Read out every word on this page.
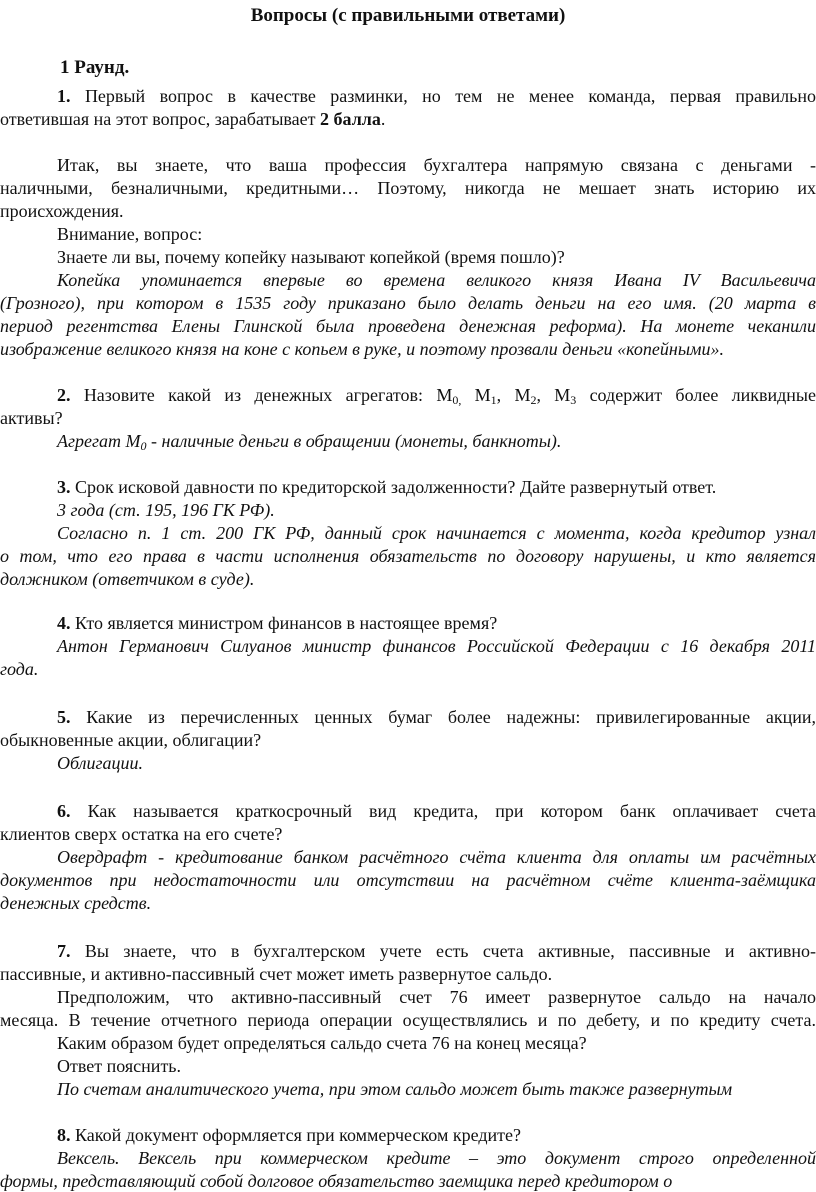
Вопросы (с правильными ответами)
1 Раунд.
1. Первый вопрос в качестве разминки, но тем не менее команда, первая правильно
ответившая на этот вопрос, зарабатывает 2 балла.
Итак, вы знаете, что ваша профессия бухгалтера напрямую связана с деньгами -
наличными, безналичными, кредитными… Поэтому, никогда не мешает знать историю их
происхождения.
Внимание, вопрос:
Знаете ли вы, почему копейку называют копейкой (время пошло)?
Копейка упоминается впервые во времена великого князя Ивана IV Васильевича
(Грозного), при котором в 1535 году приказано было делать деньги на его имя. (20 марта в
период регентства Елены Глинской была проведена денежная реформа). На монете чеканили
изображение великого князя на коне с копьем в руке, и поэтому прозвали деньги «копейными».
2. Назовите какой из денежных агрегатов: $М_{0,}$ $М_1$, $М_2$, $М_3$ содержит более ликвидные
активы?
Агрегат $М_0$ - наличные деньги в обращении (монеты, банкноты).
3. Срок исковой давности по кредиторской задолженности? Дайте развернутый ответ.
3 года (ст. 195, 196 ГК РФ).
Согласно п. 1 ст. 200 ГК РФ, данный срок начинается с момента, когда кредитор узнал
о том, что его права в части исполнения обязательств по договору нарушены, и кто является
должником (ответчиком в суде).
4. Кто является министром финансов в настоящее время?
Антон Германович Силуанов министр финансов Российской Федерации с 16 декабря 2011
года.
5. Какие из перечисленных ценных бумаг более надежны: привилегированные акции,
обыкновенные акции, облигации?
Облигации.
6. Как называется краткосрочный вид кредита, при котором банк оплачивает счета
клиентов сверх остатка на его счете?
Овердрафт - кредитование банком расчётного счёта клиента для оплаты им расчётных
документов при недостаточности или отсутствии на расчётном счёте клиента-заёмщика
денежных средств.
7. Вы знаете, что в бухгалтерском учете есть счета активные, пассивные и активно-
пассивные, и активно-пассивный счет может иметь развернутое сальдо.
Предположим, что активно-пассивный счет 76 имеет развернутое сальдо на начало
месяца. В течение отчетного периода операции осуществлялись и по дебету, и по кредиту счета.
Каким образом будет определяться сальдо счета 76 на конец месяца?
Ответ пояснить.
По счетам аналитического учета, при этом сальдо может быть также развернутым
8. Какой документ оформляется при коммерческом кредите?
Вексель. Вексель при коммерческом кредите – это документ строго определенной
формы, представляющий собой долговое обязательство заемщика перед кредитором о
